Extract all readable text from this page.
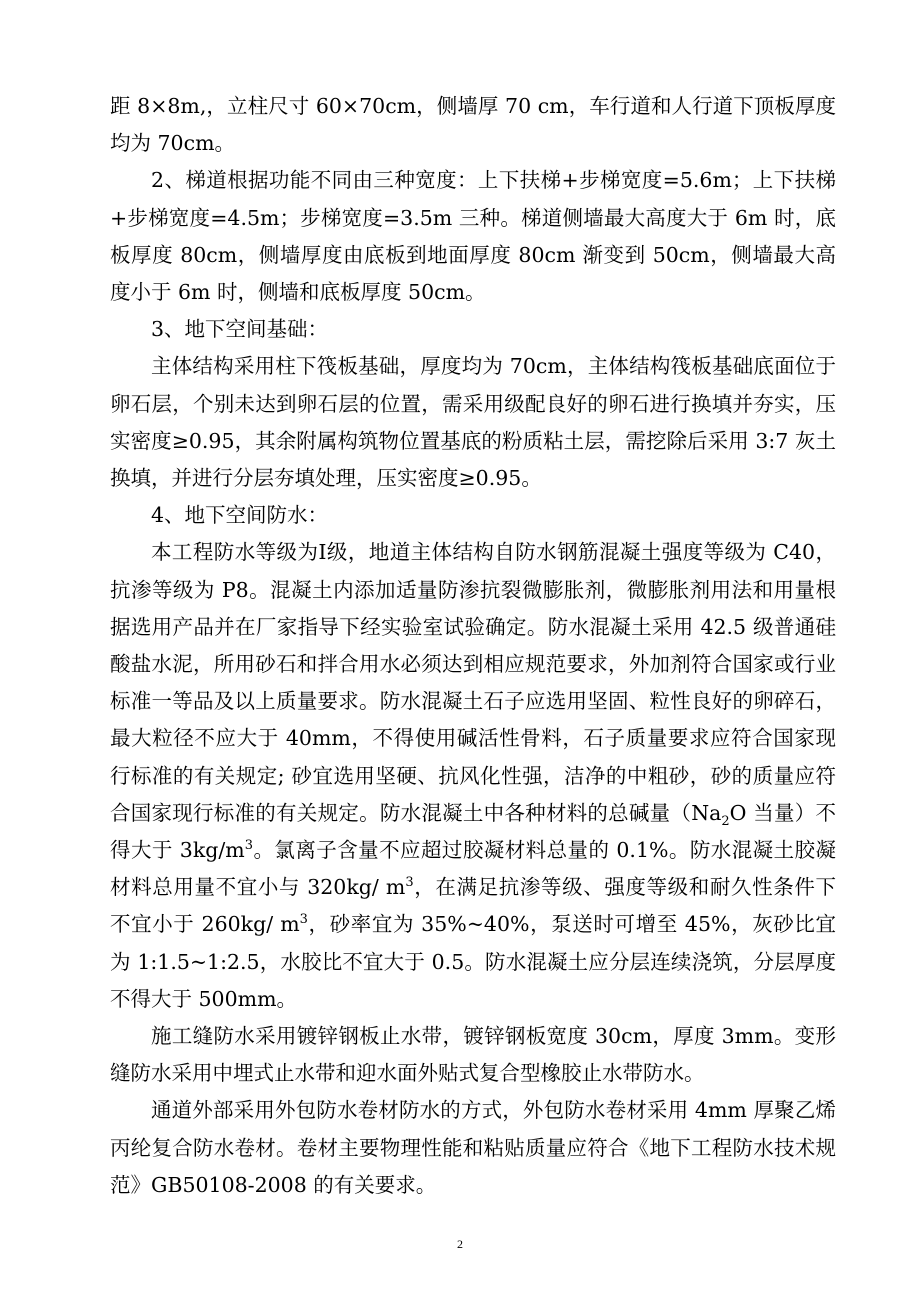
距 8×8m,，立柱尺寸 60×70cm，侧墙厚 70 cm，车行道和人行道下顶板厚度均为 70cm。

2、梯道根据功能不同由三种宽度：上下扶梯+步梯宽度=5.6m；上下扶梯+步梯宽度=4.5m；步梯宽度=3.5m 三种。梯道侧墙最大高度大于 6m 时，底板厚度 80cm，侧墙厚度由底板到地面厚度 80cm 渐变到 50cm，侧墙最大高度小于 6m 时，侧墙和底板厚度 50cm。

3、地下空间基础：

主体结构采用柱下筏板基础，厚度均为 70cm，主体结构筏板基础底面位于卵石层，个别未达到卵石层的位置，需采用级配良好的卵石进行换填并夯实，压实密度≥0.95，其余附属构筑物位置基底的粉质粘土层，需挖除后采用 3:7 灰土换填，并进行分层夯填处理，压实密度≥0.95。

4、地下空间防水：

本工程防水等级为Ⅰ级，地道主体结构自防水钢筋混凝土强度等级为 C40，抗渗等级为 P8。混凝土内添加适量防渗抗裂微膨胀剂，微膨胀剂用法和用量根据选用产品并在厂家指导下经实验室试验确定。防水混凝土采用 42.5 级普通硅酸盐水泥，所用砂石和拌合用水必须达到相应规范要求，外加剂符合国家或行业标准一等品及以上质量要求。防水混凝土石子应选用坚固、粒性良好的卵碎石，最大粒径不应大于 40mm，不得使用碱活性骨料，石子质量要求应符合国家现行标准的有关规定; 砂宜选用坚硬、抗风化性强，洁净的中粗砂，砂的质量应符合国家现行标准的有关规定。防水混凝土中各种材料的总碱量（$Na_2O$ 当量）不得大于 $3kg/m^3$。氯离子含量不应超过胶凝材料总量的 0.1%。防水混凝土胶凝材料总用量不宜小与 320kg/ $m^3$，在满足抗渗等级、强度等级和耐久性条件下不宜小于 260kg/ $m^3$，砂率宜为 35%~40%，泵送时可增至 45%，灰砂比宜为 1:1.5~1:2.5，水胶比不宜大于 0.5。防水混凝土应分层连续浇筑，分层厚度不得大于 500mm。

施工缝防水采用镀锌钢板止水带，镀锌钢板宽度 30cm，厚度 3mm。变形缝防水采用中埋式止水带和迎水面外贴式复合型橡胶止水带防水。

通道外部采用外包防水卷材防水的方式，外包防水卷材采用 4mm 厚聚乙烯丙纶复合防水卷材。卷材主要物理性能和粘贴质量应符合《地下工程防水技术规范》GB50108-2008 的有关要求。

2
